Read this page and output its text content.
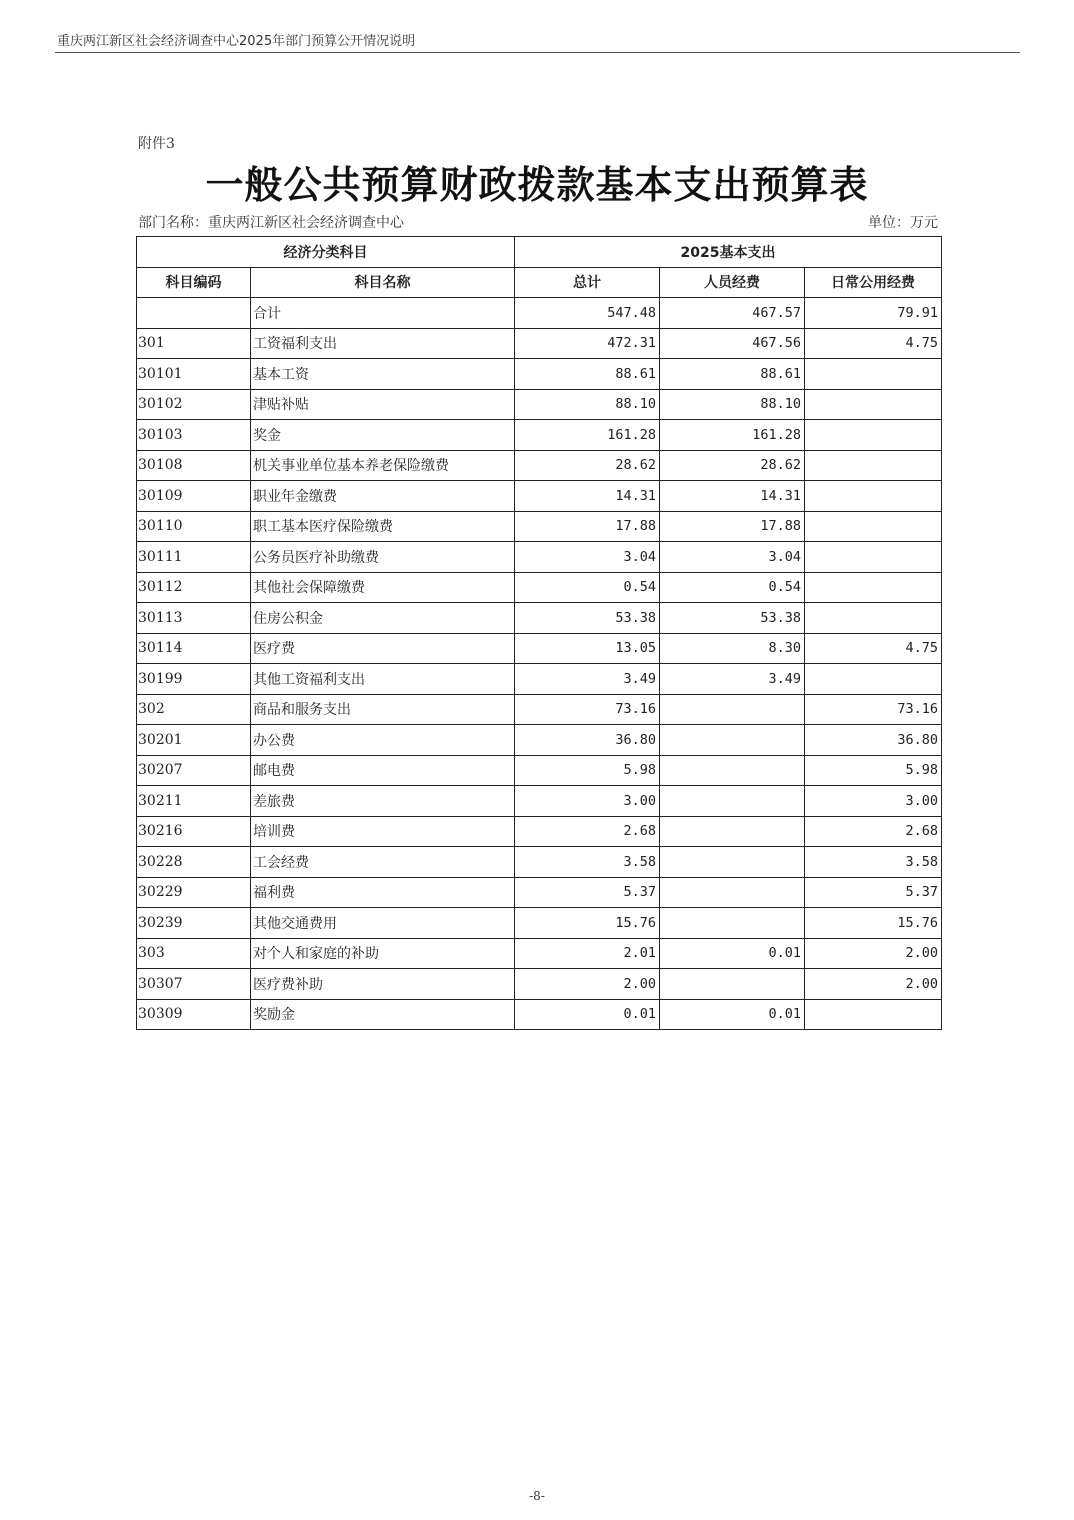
重庆两江新区社会经济调查中心2025年部门预算公开情况说明
附件3
一般公共预算财政拨款基本支出预算表
部门名称：重庆两江新区社会经济调查中心	单位：万元
经济分类科目		2025基本支出		
科目编码	科目名称	总计	人员经费	日常公用经费
	合计	547.48	467.57	79.91
301	工资福利支出	472.31	467.56	4.75
30101	基本工资	88.61	88.61	
30102	津贴补贴	88.10	88.10	
30103	奖金	161.28	161.28	
30108	机关事业单位基本养老保险缴费	28.62	28.62	
30109	职业年金缴费	14.31	14.31	
30110	职工基本医疗保险缴费	17.88	17.88	
30111	公务员医疗补助缴费	3.04	3.04	
30112	其他社会保障缴费	0.54	0.54	
30113	住房公积金	53.38	53.38	
30114	医疗费	13.05	8.30	4.75
30199	其他工资福利支出	3.49	3.49	
302	商品和服务支出	73.16		73.16
30201	办公费	36.80		36.80
30207	邮电费	5.98		5.98
30211	差旅费	3.00		3.00
30216	培训费	2.68		2.68
30228	工会经费	3.58		3.58
30229	福利费	5.37		5.37
30239	其他交通费用	15.76		15.76
303	对个人和家庭的补助	2.01	0.01	2.00
30307	医疗费补助	2.00		2.00
30309	奖励金	0.01	0.01	
-8-
